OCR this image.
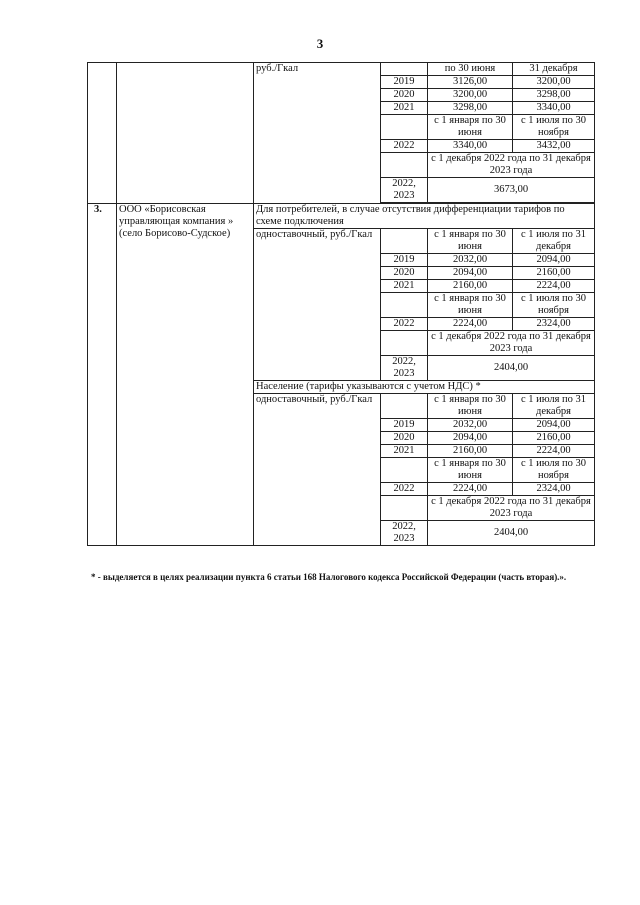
3
		руб./Гкал		по 30 июня	31 декабря
			2019	3126,00	3200,00
			2020	3200,00	3298,00
			2021	3298,00	3340,00
				с 1 января по 30 июня	с 1 июля по 30 ноября
			2022	3340,00	3432,00
				с 1 декабря 2022 года по 31 декабря 2023 года	
			2022, 2023	3673,00	

3.	ООО «Борисовская управляющая компания » (село Борисово-Судское)	Для потребителей, в случае отсутствия дифференциации тарифов по схеме подключения			
		одноставочный, руб./Гкал		с 1 января по 30 июня	с 1 июля по 31 декабря
			2019	2032,00	2094,00
			2020	2094,00	2160,00
			2021	2160,00	2224,00
				с 1 января по 30 июня	с 1 июля по 30 ноября
			2022	2224,00	2324,00
				с 1 декабря 2022 года по 31 декабря 2023 года	
			2022, 2023	2404,00	
		Население (тарифы указываются с учетом НДС) *			
		одноставочный, руб./Гкал		с 1 января по 30 июня	с 1 июля по 31 декабря
			2019	2032,00	2094,00
			2020	2094,00	2160,00
			2021	2160,00	2224,00
				с 1 января по 30 июня	с 1 июля по 30 ноября
			2022	2224,00	2324,00
				с 1 декабря 2022 года по 31 декабря 2023 года	
			2022, 2023	2404,00	
* - выделяется в целях реализации пункта 6 статьи 168 Налогового кодекса Российской Федерации (часть вторая).».
